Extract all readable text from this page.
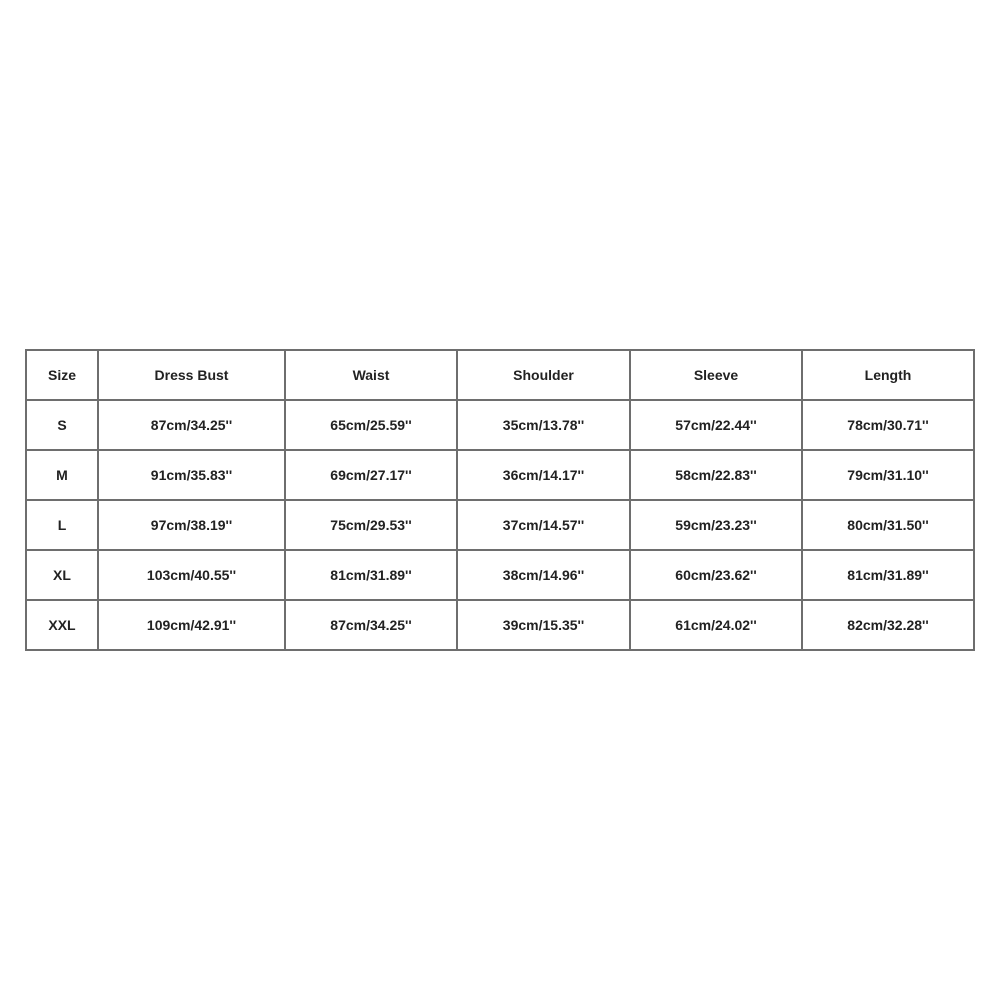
Size	Dress Bust	Waist	Shoulder	Sleeve	Length
S	87cm/34.25''	65cm/25.59''	35cm/13.78''	57cm/22.44''	78cm/30.71''
M	91cm/35.83''	69cm/27.17''	36cm/14.17''	58cm/22.83''	79cm/31.10''
L	97cm/38.19''	75cm/29.53''	37cm/14.57''	59cm/23.23''	80cm/31.50''
XL	103cm/40.55''	81cm/31.89''	38cm/14.96''	60cm/23.62''	81cm/31.89''
XXL	109cm/42.91''	87cm/34.25''	39cm/15.35''	61cm/24.02''	82cm/32.28''
